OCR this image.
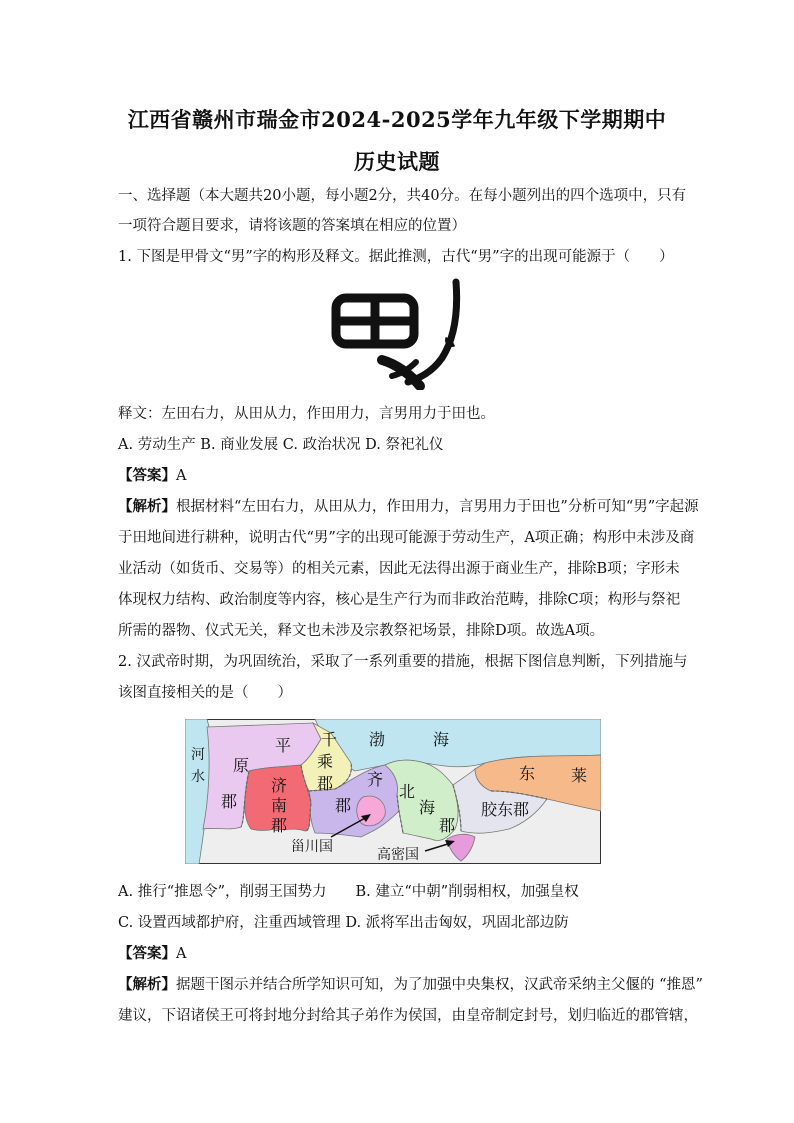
江西省赣州市瑞金市2024-2025学年九年级下学期期中
历史试题
一、选择题（本大题共20小题，每小题2分，共40分。在每小题列出的四个选项中，只有
一项符合题目要求，请将该题的答案填在相应的位置）
1. 下图是甲骨文“男”字的构形及释文。据此推测，古代“男”字的出现可能源于（　　）
释文：左田右力，从田从力，作田用力，言男用力于田也。
A. 劳动生产 B. 商业发展 C. 政治状况 D. 祭祀礼仪
【答案】A
【解析】根据材料“左田右力，从田从力，作田用力，言男用力于田也”分析可知“男”字起源
于田地间进行耕种，说明古代“男”字的出现可能源于劳动生产，A项正确；构形中未涉及商
业活动（如货币、交易等）的相关元素，因此无法得出源于商业生产，排除B项；字形未
体现权力结构、政治制度等内容，核心是生产行为而非政治范畴，排除C项；构形与祭祀
所需的器物、仪式无关，释文也未涉及宗教祭祀场景，排除D项。故选A项。
2. 汉武帝时期，为巩固统治，采取了一系列重要的措施，根据下图信息判断，下列措施与
该图直接相关的是（　　）
河
水
平
原
郡
千
乘
郡
济
南
郡
齐
郡
渤	海
北
海
郡
东 莱
胶东郡
甾川国	高密国
A. 推行“推恩令”，削弱王国势力　　B. 建立“中朝”削弱相权，加强皇权
C. 设置西域都护府，注重西域管理 D. 派将军出击匈奴，巩固北部边防
【答案】A
【解析】据题干图示并结合所学知识可知，为了加强中央集权，汉武帝采纳主父偃的 “推恩”
建议，下诏诸侯王可将封地分封给其子弟作为侯国，由皇帝制定封号，划归临近的郡管辖，
